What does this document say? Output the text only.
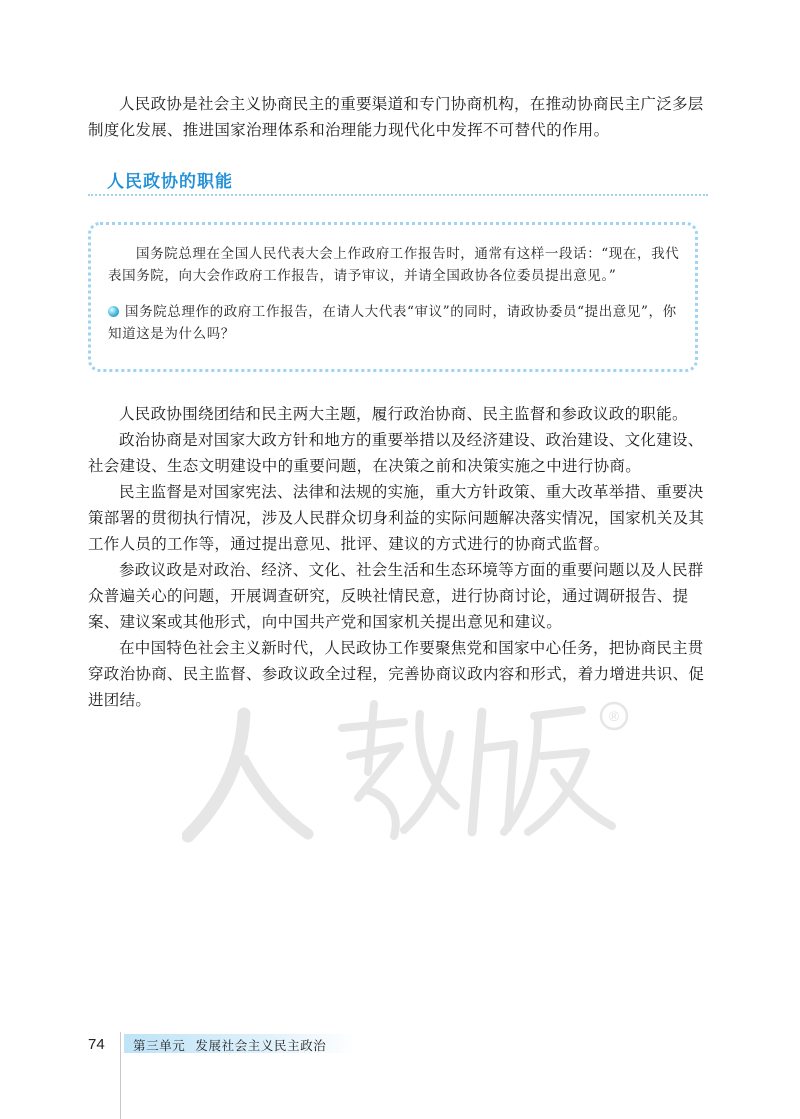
人民政协是社会主义协商民主的重要渠道和专门协商机构，在推动协商民主广泛多层制度化发展、推进国家治理体系和治理能力现代化中发挥不可替代的作用。

人民政协的职能

国务院总理在全国人民代表大会上作政府工作报告时，通常有这样一段话：“现在，我代表国务院，向大会作政府工作报告，请予审议，并请全国政协各位委员提出意见。”

国务院总理作的政府工作报告，在请人大代表“审议”的同时，请政协委员“提出意见”，你知道这是为什么吗？

人民政协围绕团结和民主两大主题，履行政治协商、民主监督和参政议政的职能。

政治协商是对国家大政方针和地方的重要举措以及经济建设、政治建设、文化建设、社会建设、生态文明建设中的重要问题，在决策之前和决策实施之中进行协商。

民主监督是对国家宪法、法律和法规的实施，重大方针政策、重大改革举措、重要决策部署的贯彻执行情况，涉及人民群众切身利益的实际问题解决落实情况，国家机关及其工作人员的工作等，通过提出意见、批评、建议的方式进行的协商式监督。

参政议政是对政治、经济、文化、社会生活和生态环境等方面的重要问题以及人民群众普遍关心的问题，开展调查研究，反映社情民意，进行协商讨论，通过调研报告、提案、建议案或其他形式，向中国共产党和国家机关提出意见和建议。

在中国特色社会主义新时代，人民政协工作要聚焦党和国家中心任务，把协商民主贯穿政治协商、民主监督、参政议政全过程，完善协商议政内容和形式，着力增进共识、促进团结。

®
74 第三单元 发展社会主义民主政治
